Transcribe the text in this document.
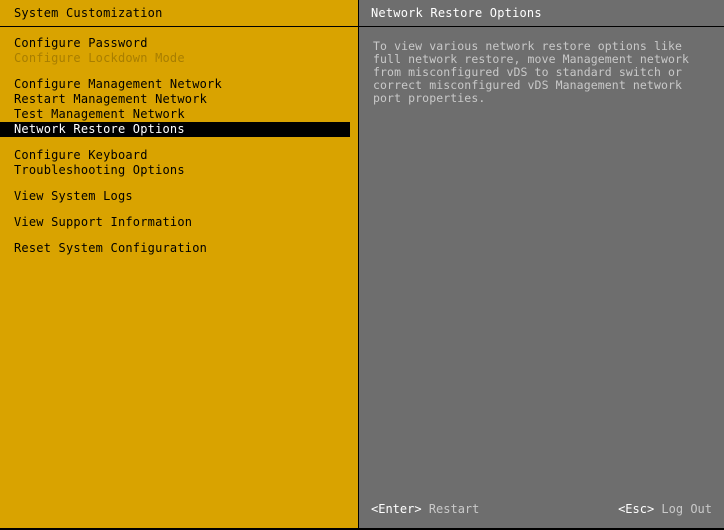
System Customization
Configure Password
Configure Lockdown Mode
Configure Management Network
Restart Management Network
Test Management Network
Network Restore Options
Configure Keyboard
Troubleshooting Options
View System Logs
View Support Information
Reset System Configuration
Network Restore Options

To view various network restore options like full network restore, move Management network from misconfigured vDS to standard switch or correct misconfigured vDS Management network port properties.

<Enter> Restart	<Esc> Log Out
